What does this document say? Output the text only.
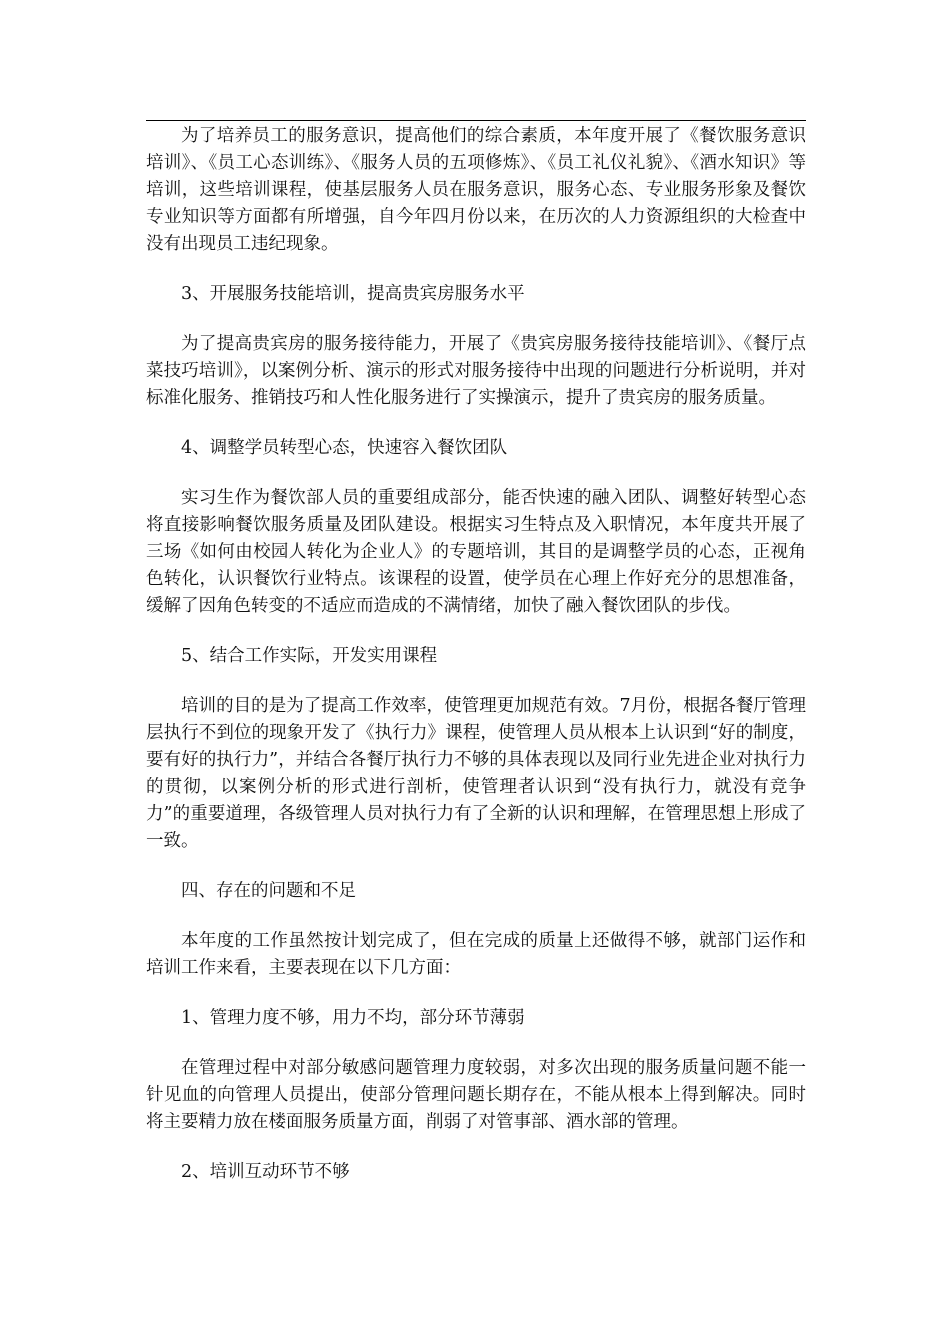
为了培养员工的服务意识，提高他们的综合素质，本年度开展了《餐饮服务意识培训》、《员工心态训练》、《服务人员的五项修炼》、《员工礼仪礼貌》、《酒水知识》等培训，这些培训课程，使基层服务人员在服务意识，服务心态、专业服务形象及餐饮专业知识等方面都有所增强，自今年四月份以来，在历次的人力资源组织的大检查中没有出现员工违纪现象。

3、开展服务技能培训，提高贵宾房服务水平

为了提高贵宾房的服务接待能力，开展了《贵宾房服务接待技能培训》、《餐厅点菜技巧培训》，以案例分析、演示的形式对服务接待中出现的问题进行分析说明，并对标准化服务、推销技巧和人性化服务进行了实操演示，提升了贵宾房的服务质量。

4、调整学员转型心态，快速容入餐饮团队

实习生作为餐饮部人员的重要组成部分，能否快速的融入团队、调整好转型心态将直接影响餐饮服务质量及团队建设。根据实习生特点及入职情况，本年度共开展了三场《如何由校园人转化为企业人》的专题培训，其目的是调整学员的心态，正视角色转化，认识餐饮行业特点。该课程的设置，使学员在心理上作好充分的思想准备，缓解了因角色转变的不适应而造成的不满情绪，加快了融入餐饮团队的步伐。

5、结合工作实际，开发实用课程

培训的目的是为了提高工作效率，使管理更加规范有效。7月份，根据各餐厅管理层执行不到位的现象开发了《执行力》课程，使管理人员从根本上认识到“好的制度，要有好的执行力”，并结合各餐厅执行力不够的具体表现以及同行业先进企业对执行力的贯彻，以案例分析的形式进行剖析，使管理者认识到“没有执行力，就没有竞争力”的重要道理，各级管理人员对执行力有了全新的认识和理解，在管理思想上形成了一致。

四、存在的问题和不足

本年度的工作虽然按计划完成了，但在完成的质量上还做得不够，就部门运作和培训工作来看，主要表现在以下几方面：

1、管理力度不够，用力不均，部分环节薄弱

在管理过程中对部分敏感问题管理力度较弱，对多次出现的服务质量问题不能一针见血的向管理人员提出，使部分管理问题长期存在，不能从根本上得到解决。同时将主要精力放在楼面服务质量方面，削弱了对管事部、酒水部的管理。

2、培训互动环节不够
